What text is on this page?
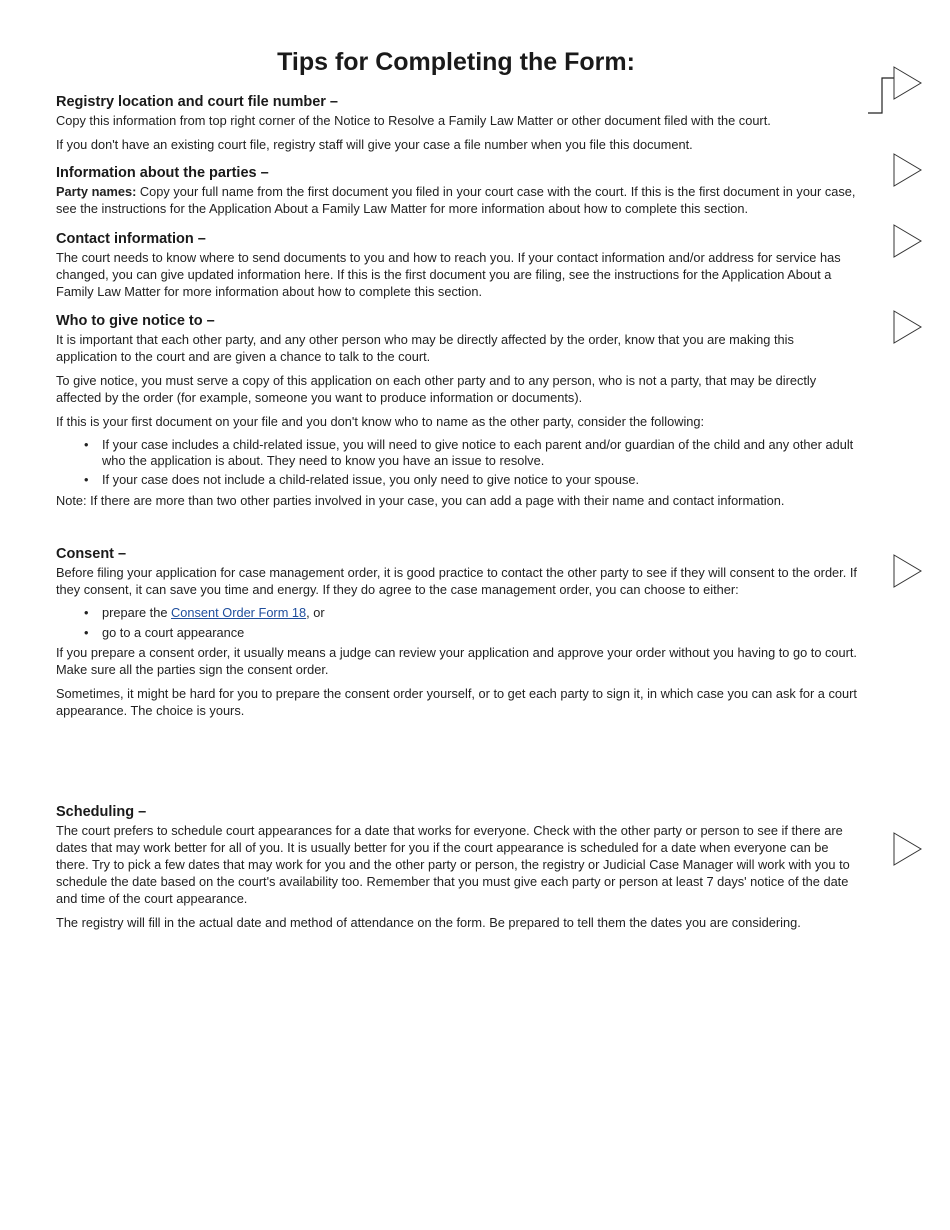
Tips for Completing the Form:
Registry location and court file number –

Copy this information from top right corner of the Notice to Resolve a Family Law Matter or other document filed with the court.

If you don't have an existing court file, registry staff will give your case a file number when you file this document.

Information about the parties –

Party names: Copy your full name from the first document you filed in your court case with the court. If this is the first document in your case, see the instructions for the Application About a Family Law Matter for more information about how to complete this section.

Contact information –

The court needs to know where to send documents to you and how to reach you. If your contact information and/or address for service has changed, you can give updated information here. If this is the first document you are filing, see the instructions for the Application About a Family Law Matter for more information about how to complete this section.

Who to give notice to –

It is important that each other party, and any other person who may be directly affected by the order, know that you are making this application to the court and are given a chance to talk to the court.

To give notice, you must serve a copy of this application on each other party and to any person, who is not a party, that may be directly affected by the order (for example, someone you want to produce information or documents).

If this is your first document on your file and you don't know who to name as the other party, consider the following:

• If your case includes a child-related issue, you will need to give notice to each parent and/or guardian of the child and any other adult who the application is about. They need to know you have an issue to resolve.
• If your case does not include a child-related issue, you only need to give notice to your spouse.

Note: If there are more than two other parties involved in your case, you can add a page with their name and contact information.

Consent –

Before filing your application for case management order, it is good practice to contact the other party to see if they will consent to the order. If they consent, it can save you time and energy. If they do agree to the case management order, you can choose to either:

• prepare the Consent Order Form 18, or
• go to a court appearance

If you prepare a consent order, it usually means a judge can review your application and approve your order without you having to go to court. Make sure all the parties sign the consent order.

Sometimes, it might be hard for you to prepare the consent order yourself, or to get each party to sign it, in which case you can ask for a court appearance. The choice is yours.

Scheduling –

The court prefers to schedule court appearances for a date that works for everyone. Check with the other party or person to see if there are dates that may work better for all of you. It is usually better for you if the court appearance is scheduled for a date when everyone can be there. Try to pick a few dates that may work for you and the other party or person, the registry or Judicial Case Manager will work with you to schedule the date based on the court's availability too. Remember that you must give each party or person at least 7 days' notice of the date and time of the court appearance.

The registry will fill in the actual date and method of attendance on the form. Be prepared to tell them the dates you are considering.
